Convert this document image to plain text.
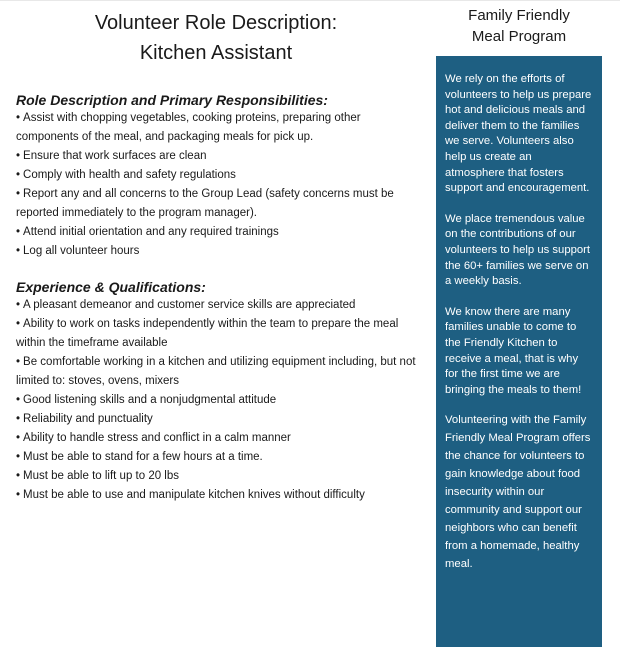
Volunteer Role Description:
Kitchen Assistant
Role Description and Primary Responsibilities:
• Assist with chopping vegetables, cooking proteins, preparing other components of the meal, and packaging meals for pick up.
• Ensure that work surfaces are clean
• Comply with health and safety regulations
• Report any and all concerns to the Group Lead (safety concerns must be reported immediately to the program manager).
• Attend initial orientation and any required trainings
• Log all volunteer hours
Experience & Qualifications:
• A pleasant demeanor and customer service skills are appreciated
• Ability to work on tasks independently within the team to prepare the meal within the timeframe available
• Be comfortable working in a kitchen and utilizing equipment including, but not limited to: stoves, ovens, mixers
• Good listening skills and a nonjudgmental attitude
• Reliability and punctuality
• Ability to handle stress and conflict in a calm manner
• Must be able to stand for a few hours at a time.
• Must be able to lift up to 20 lbs
• Must be able to use and manipulate kitchen knives without difficulty
Family Friendly
Meal Program

We rely on the efforts of volunteers to help us prepare hot and delicious meals and deliver them to the families we serve. Volunteers also help us create an atmosphere that fosters support and encouragement.

We place tremendous value on the contributions of our volunteers to help us support the 60+ families we serve on a weekly basis.

We know there are many families unable to come to the Friendly Kitchen to receive a meal, that is why for the first time we are bringing the meals to them!

Volunteering with the Family Friendly Meal Program offers the chance for volunteers to gain knowledge about food insecurity within our community and support our neighbors who can benefit from a homemade, healthy meal.
